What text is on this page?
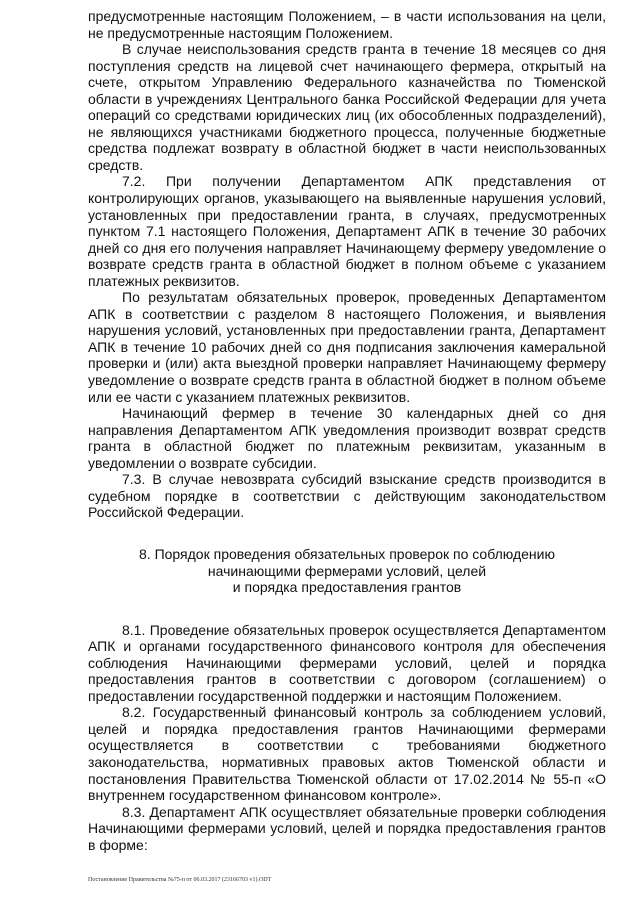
предусмотренные настоящим Положением, – в части использования на цели, не предусмотренные настоящим Положением.

В случае неиспользования средств гранта в течение 18 месяцев со дня поступления средств на лицевой счет начинающего фермера, открытый на счете, открытом Управлению Федерального казначейства по Тюменской области в учреждениях Центрального банка Российской Федерации для учета операций со средствами юридических лиц (их обособленных подразделений), не являющихся участниками бюджетного процесса, полученные бюджетные средства подлежат возврату в областной бюджет в части неиспользованных средств.

7.2. При получении Департаментом АПК представления от контролирующих органов, указывающего на выявленные нарушения условий, установленных при предоставлении гранта, в случаях, предусмотренных пунктом 7.1 настоящего Положения, Департамент АПК в течение 30 рабочих дней со дня его получения направляет Начинающему фермеру уведомление о возврате средств гранта в областной бюджет в полном объеме с указанием платежных реквизитов.

По результатам обязательных проверок, проведенных Департаментом АПК в соответствии с разделом 8 настоящего Положения, и выявления нарушения условий, установленных при предоставлении гранта, Департамент АПК в течение 10 рабочих дней со дня подписания заключения камеральной проверки и (или) акта выездной проверки направляет Начинающему фермеру уведомление о возврате средств гранта в областной бюджет в полном объеме или ее части с указанием платежных реквизитов.

Начинающий фермер в течение 30 календарных дней со дня направления Департаментом АПК уведомления производит возврат средств гранта в областной бюджет по платежным реквизитам, указанным в уведомлении о возврате субсидии.

7.3. В случае невозврата субсидий взыскание средств производится в судебном порядке в соответствии с действующим законодательством Российской Федерации.

8. Порядок проведения обязательных проверок по соблюдению
начинающими фермерами условий, целей
и порядка предоставления грантов

8.1. Проведение обязательных проверок осуществляется Департаментом АПК и органами государственного финансового контроля для обеспечения соблюдения Начинающими фермерами условий, целей и порядка предоставления грантов в соответствии с договором (соглашением) о предоставлении государственной поддержки и настоящим Положением.

8.2. Государственный финансовый контроль за соблюдением условий, целей и порядка предоставления грантов Начинающими фермерами осуществляется в соответствии с требованиями бюджетного законодательства, нормативных правовых актов Тюменской области и постановления Правительства Тюменской области от 17.02.2014 № 55-п «О внутреннем государственном финансовом контроле».

8.3. Департамент АПК осуществляет обязательные проверки соблюдения Начинающими фермерами условий, целей и порядка предоставления грантов в форме:

Постановление Правительства №75-п от 06.03.2017 (23166703 v1).ODT
